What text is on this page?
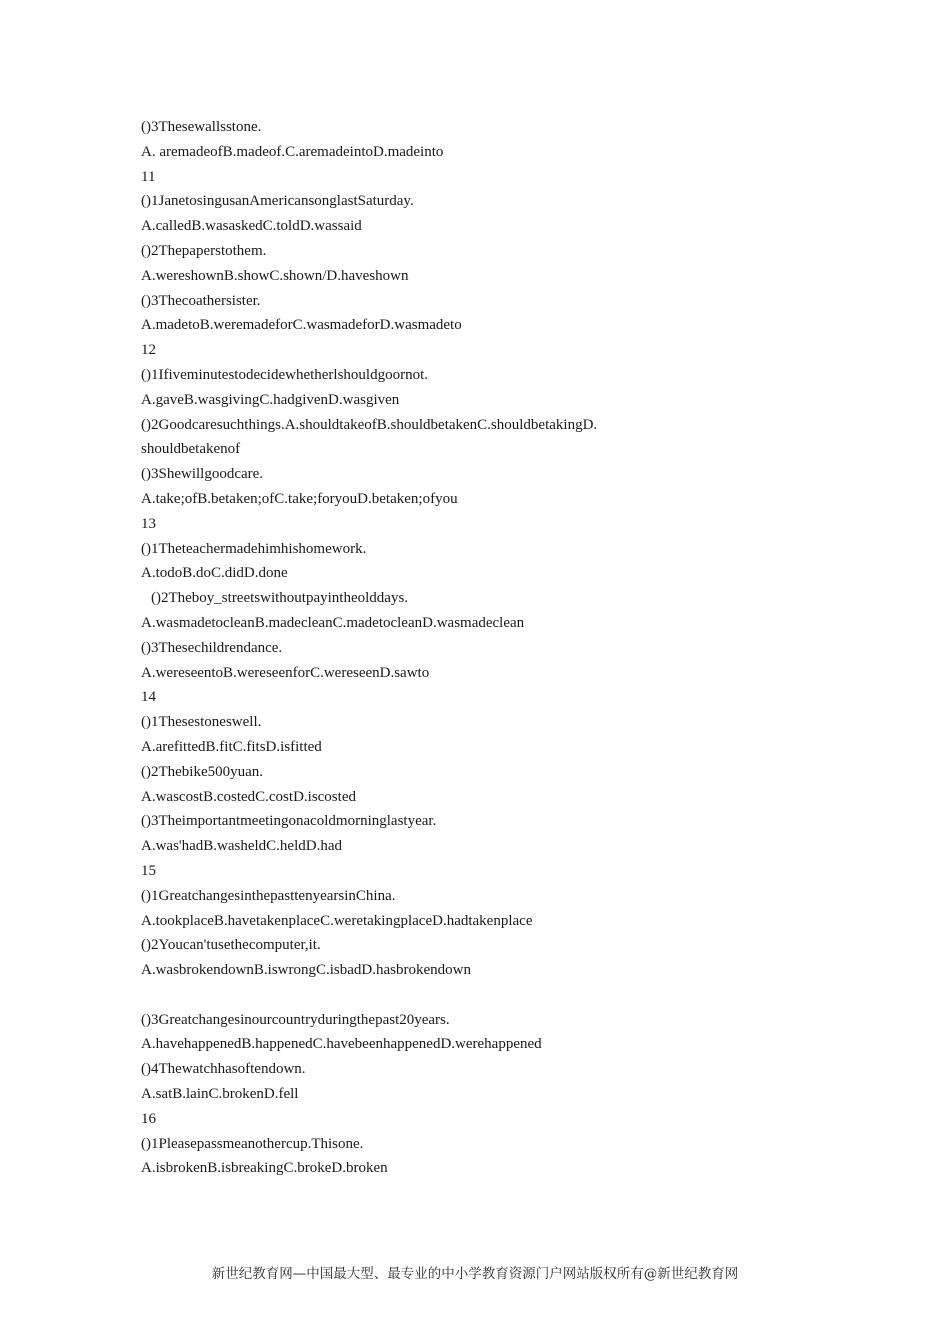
()3Thesewallsstone.
A. aremadeofB.madeof.C.aremadeintoD.madeinto
11
()1JanetosingusanAmericansonglastSaturday.
A.calledB.wasaskedC.toldD.wassaid
()2Thepaperstothem.
A.wereshownB.showC.shown/D.haveshown
()3Thecoathersister.
A.madetoB.weremadeforC.wasmadeforD.wasmadeto
12
()1Ifiveminutestodecidewhetherlshouldgoornot.
A.gaveB.wasgivingC.hadgivenD.wasgiven
()2Goodcaresuchthings.A.shouldtakeofB.shouldbetakenC.shouldbetakingD.
shouldbetakenof
()3Shewillgoodcare.
A.take;ofB.betaken;ofC.take;foryouD.betaken;ofyou
13
()1Theteachermadehimhishomework.
A.todoB.doC.didD.done
()2Theboy_streetswithoutpayintheolddays.
A.wasmadetocleanB.madecleanC.madetocleanD.wasmadeclean
()3Thesechildrendance.
A.wereseentoB.wereseenforC.wereseenD.sawto
14
()1Thesestoneswell.
A.arefittedB.fitC.fitsD.isfitted
()2Thebike500yuan.
A.wascostB.costedC.costD.iscosted
()3Theimportantmeetingonacoldmorninglastyear.
A.was'hadB.washeldC.heldD.had
15
()1GreatchangesinthepasttenyearsinChina.
A.tookplaceB.havetakenplaceC.weretakingplaceD.hadtakenplace
()2Youcan'tusethecomputer,it.
A.wasbrokendownB.iswrongC.isbadD.hasbrokendown
()3Greatchangesinourcountryduringthepast20years.
A.havehappenedB.happenedC.havebeenhappenedD.werehappened
()4Thewatchhasoftendown.
A.satB.lainC.brokenD.fell
16
()1Pleasepassmeanothercup.Thisone.
A.isbrokenB.isbreakingC.brokeD.broken
新世纪教育网—中国最大型、最专业的中小学教育资源门户网站版权所有@新世纪教育网
